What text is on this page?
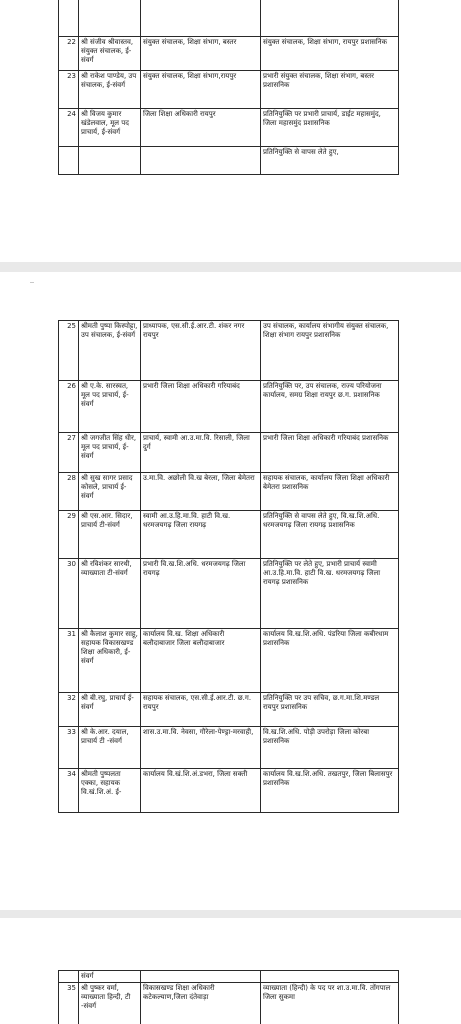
22	श्री संजीव श्रीवास्तव, संयुक्त संचालक, ई-संवर्ग	संयुक्त संचालक, शिक्षा संभाग, बस्तर	संयुक्त संचालक, शिक्षा संभाग, रायपुर प्रशासनिक
23	श्री राकेश पाण्डेय, उप संचालक, ई-संवर्ग	संयुक्त संचालक, शिक्षा संभाग,रायपुर	प्रभारी संयुक्त संचालक, शिक्षा संभाग, बस्तर प्रशासनिक
24	श्री विजय कुमार खंडेलवाल, मूल पद प्राचार्य, ई-संवर्ग	जिला शिक्षा अधिकारी रायपुर	प्रतिनियुक्ति पर प्रभारी प्राचार्य, डाईट महासमुंद, जिला महासमुंद प्रशासनिक
			प्रतिनियुक्ति से वापस लेते हुए,
25	श्रीमती पुष्पा किस्पोट्टा, उप संचालक, ई-संवर्ग	प्राध्यापक, एस.सी.ई.आर.टी. शंकर नगर रायपुर	उप संचालक, कार्यालय संभागीय संयुक्त संचालक, शिक्षा संभाग रायपुर प्रशासनिक
26	श्री ए.के. सारस्वत, मूल पद प्राचार्य, ई-संवर्ग	प्रभारी जिला शिक्षा अधिकारी गरियाबंद	प्रतिनियुक्ति पर, उप संचालक, राज्य परियोजना कार्यालय, समग्र शिक्षा रायपुर छ.ग. प्रशासनिक
27	श्री जगजीत सिंह धीर, मूल पद प्राचार्य, ई- संवर्ग	प्राचार्य, स्वामी आ.उ.मा.वि. रिसाली, जिला दुर्ग	प्रभारी जिला शिक्षा अधिकारी गरियाबंद प्रशासनिक
28	श्री सुख सागर प्रसाद कोसले, प्राचार्य ई-संवर्ग	उ.मा.वि. अछोली वि.ख बेरला, जिला बेमेतरा	सहायक संचालक, कार्यालय जिला शिक्षा अधिकारी बेमेतरा प्रशासनिक
29	श्री एस.आर. सिदार, प्राचार्य टी-संवर्ग	स्वामी आ.उ.हि.मा.वि. हाटी वि.ख. धरमजयगढ़ जिला रायगढ़	प्रतिनियुक्ति से वापस लेते हुए, वि.ख.शि.अधि. धरमजयगढ़ जिला रायगढ़ प्रशासनिक
30	श्री रविशंकर सारथी, व्याख्याता टी-संवर्ग	प्रभारी वि.ख.शि.अधि. धरमजयगढ़ जिला रायगढ़	प्रतिनियुक्ति पर लेते हुए, प्रभारी प्राचार्य स्वामी आ.उ.हि.मा.वि. हाटी वि.ख. धरमजयगढ़ जिला रायगढ़ प्रशासनिक
31	श्री कैलाश कुमार साहू, सहायक विकासखण्ड शिक्षा अधिकारी, ई-संवर्ग	कार्यालय वि.ख. शिक्षा अधिकारी बलौदाबाजार जिला बलौदाबाजार	कार्यालय वि.ख.शि.अधि. पंडरिया जिला कबीरधाम प्रशासनिक
32	श्री बी.रघु, प्राचार्य ई-संवर्ग	सहायक संचालक, एस.सी.ई.आर.टी. छ.ग. रायपुर	प्रतिनियुक्ति पर उप सचिव, छ.ग.मा.शि.मण्डल रायपुर प्रशासनिक
33	श्री के.आर. दयाल, प्राचार्य टी -संवर्ग	शास.उ.मा.वि. नेवसा, गौरेला-पेण्ड्रा-मरवाही,	वि.ख.शि.अधि. पोड़ी उपरोड़ा जिला कोरबा प्रशासनिक
34	श्रीमती पुष्पलता एक्का, सहायक वि.खं.शि.अं. ई-	कार्यालय वि.खं.शि.अं.डभरा, जिला सक्ती	कार्यालय वि.ख.शि.अधि. तखतपुर, जिला बिलासपुर प्रशासनिक
	संवर्ग		
35	श्री पुष्कर वर्मा, व्याख्याता हिन्दी, टी -संवर्ग	विकासखण्ड शिक्षा अधिकारी कटेकल्याण,जिला दंतेवाड़ा	व्याख्याता (हिन्दी) के पद पर शा.उ.मा.वि. तोंगपाल जिला सुकमा
